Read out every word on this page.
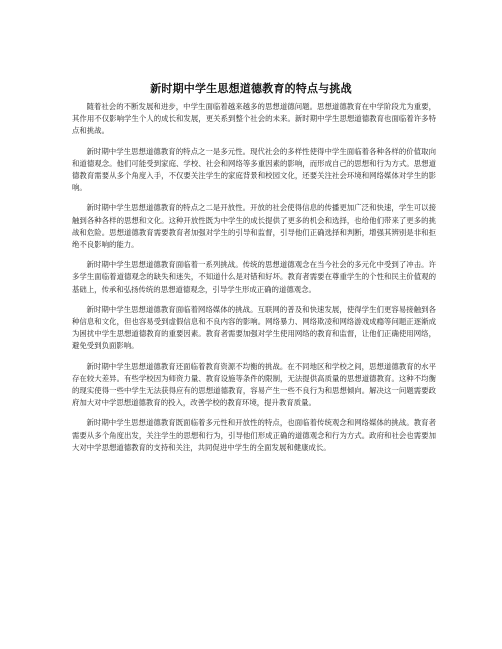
新时期中学生思想道德教育的特点与挑战

随着社会的不断发展和进步，中学生面临着越来越多的思想道德问题。思想道德教育在中学阶段尤为重要，其作用不仅影响学生个人的成长和发展，更关系到整个社会的未来。新时期中学生思想道德教育也面临着许多特点和挑战。

新时期中学生思想道德教育的特点之一是多元性。现代社会的多样性使得中学生面临着各种各样的价值取向和道德观念。他们可能受到家庭、学校、社会和网络等多重因素的影响，而形成自己的思想和行为方式。思想道德教育需要从多个角度入手，不仅要关注学生的家庭背景和校园文化，还要关注社会环境和网络媒体对学生的影响。

新时期中学生思想道德教育的特点之二是开放性。开放的社会使得信息的传播更加广泛和快速，学生可以接触到各种各样的思想和文化。这种开放性既为中学生的成长提供了更多的机会和选择，也给他们带来了更多的挑战和危险。思想道德教育需要教育者加强对学生的引导和监督，引导他们正确选择和判断，增强其辨别是非和拒绝不良影响的能力。

新时期中学生思想道德教育面临着一系列挑战。传统的思想道德观念在当今社会的多元化中受到了冲击。许多学生面临着道德观念的缺失和迷失，不知道什么是对错和好坏。教育者需要在尊重学生的个性和民主价值观的基础上，传承和弘扬传统的思想道德观念，引导学生形成正确的道德观念。

新时期中学生思想道德教育面临着网络媒体的挑战。互联网的普及和快速发展，使得学生们更容易接触到各种信息和文化，但也容易受到虚假信息和不良内容的影响。网络暴力、网络欺凌和网络游戏成瘾等问题正逐渐成为困扰中学生思想道德教育的重要因素。教育者需要加强对学生使用网络的教育和监督，让他们正确使用网络，避免受到负面影响。

新时期中学生思想道德教育还面临着教育资源不均衡的挑战。在不同地区和学校之间，思想道德教育的水平存在较大差异。有些学校因为师资力量、教育设施等条件的限制，无法提供高质量的思想道德教育。这种不均衡的现实使得一些中学生无法获得应有的思想道德教育，容易产生一些不良行为和思想倾向。解决这一问题需要政府加大对中学思想道德教育的投入，改善学校的教育环境，提升教育质量。

新时期中学生思想道德教育既面临着多元性和开放性的特点，也面临着传统观念和网络媒体的挑战。教育者需要从多个角度出发，关注学生的思想和行为，引导他们形成正确的道德观念和行为方式。政府和社会也需要加大对中学思想道德教育的支持和关注，共同促进中学生的全面发展和健康成长。
